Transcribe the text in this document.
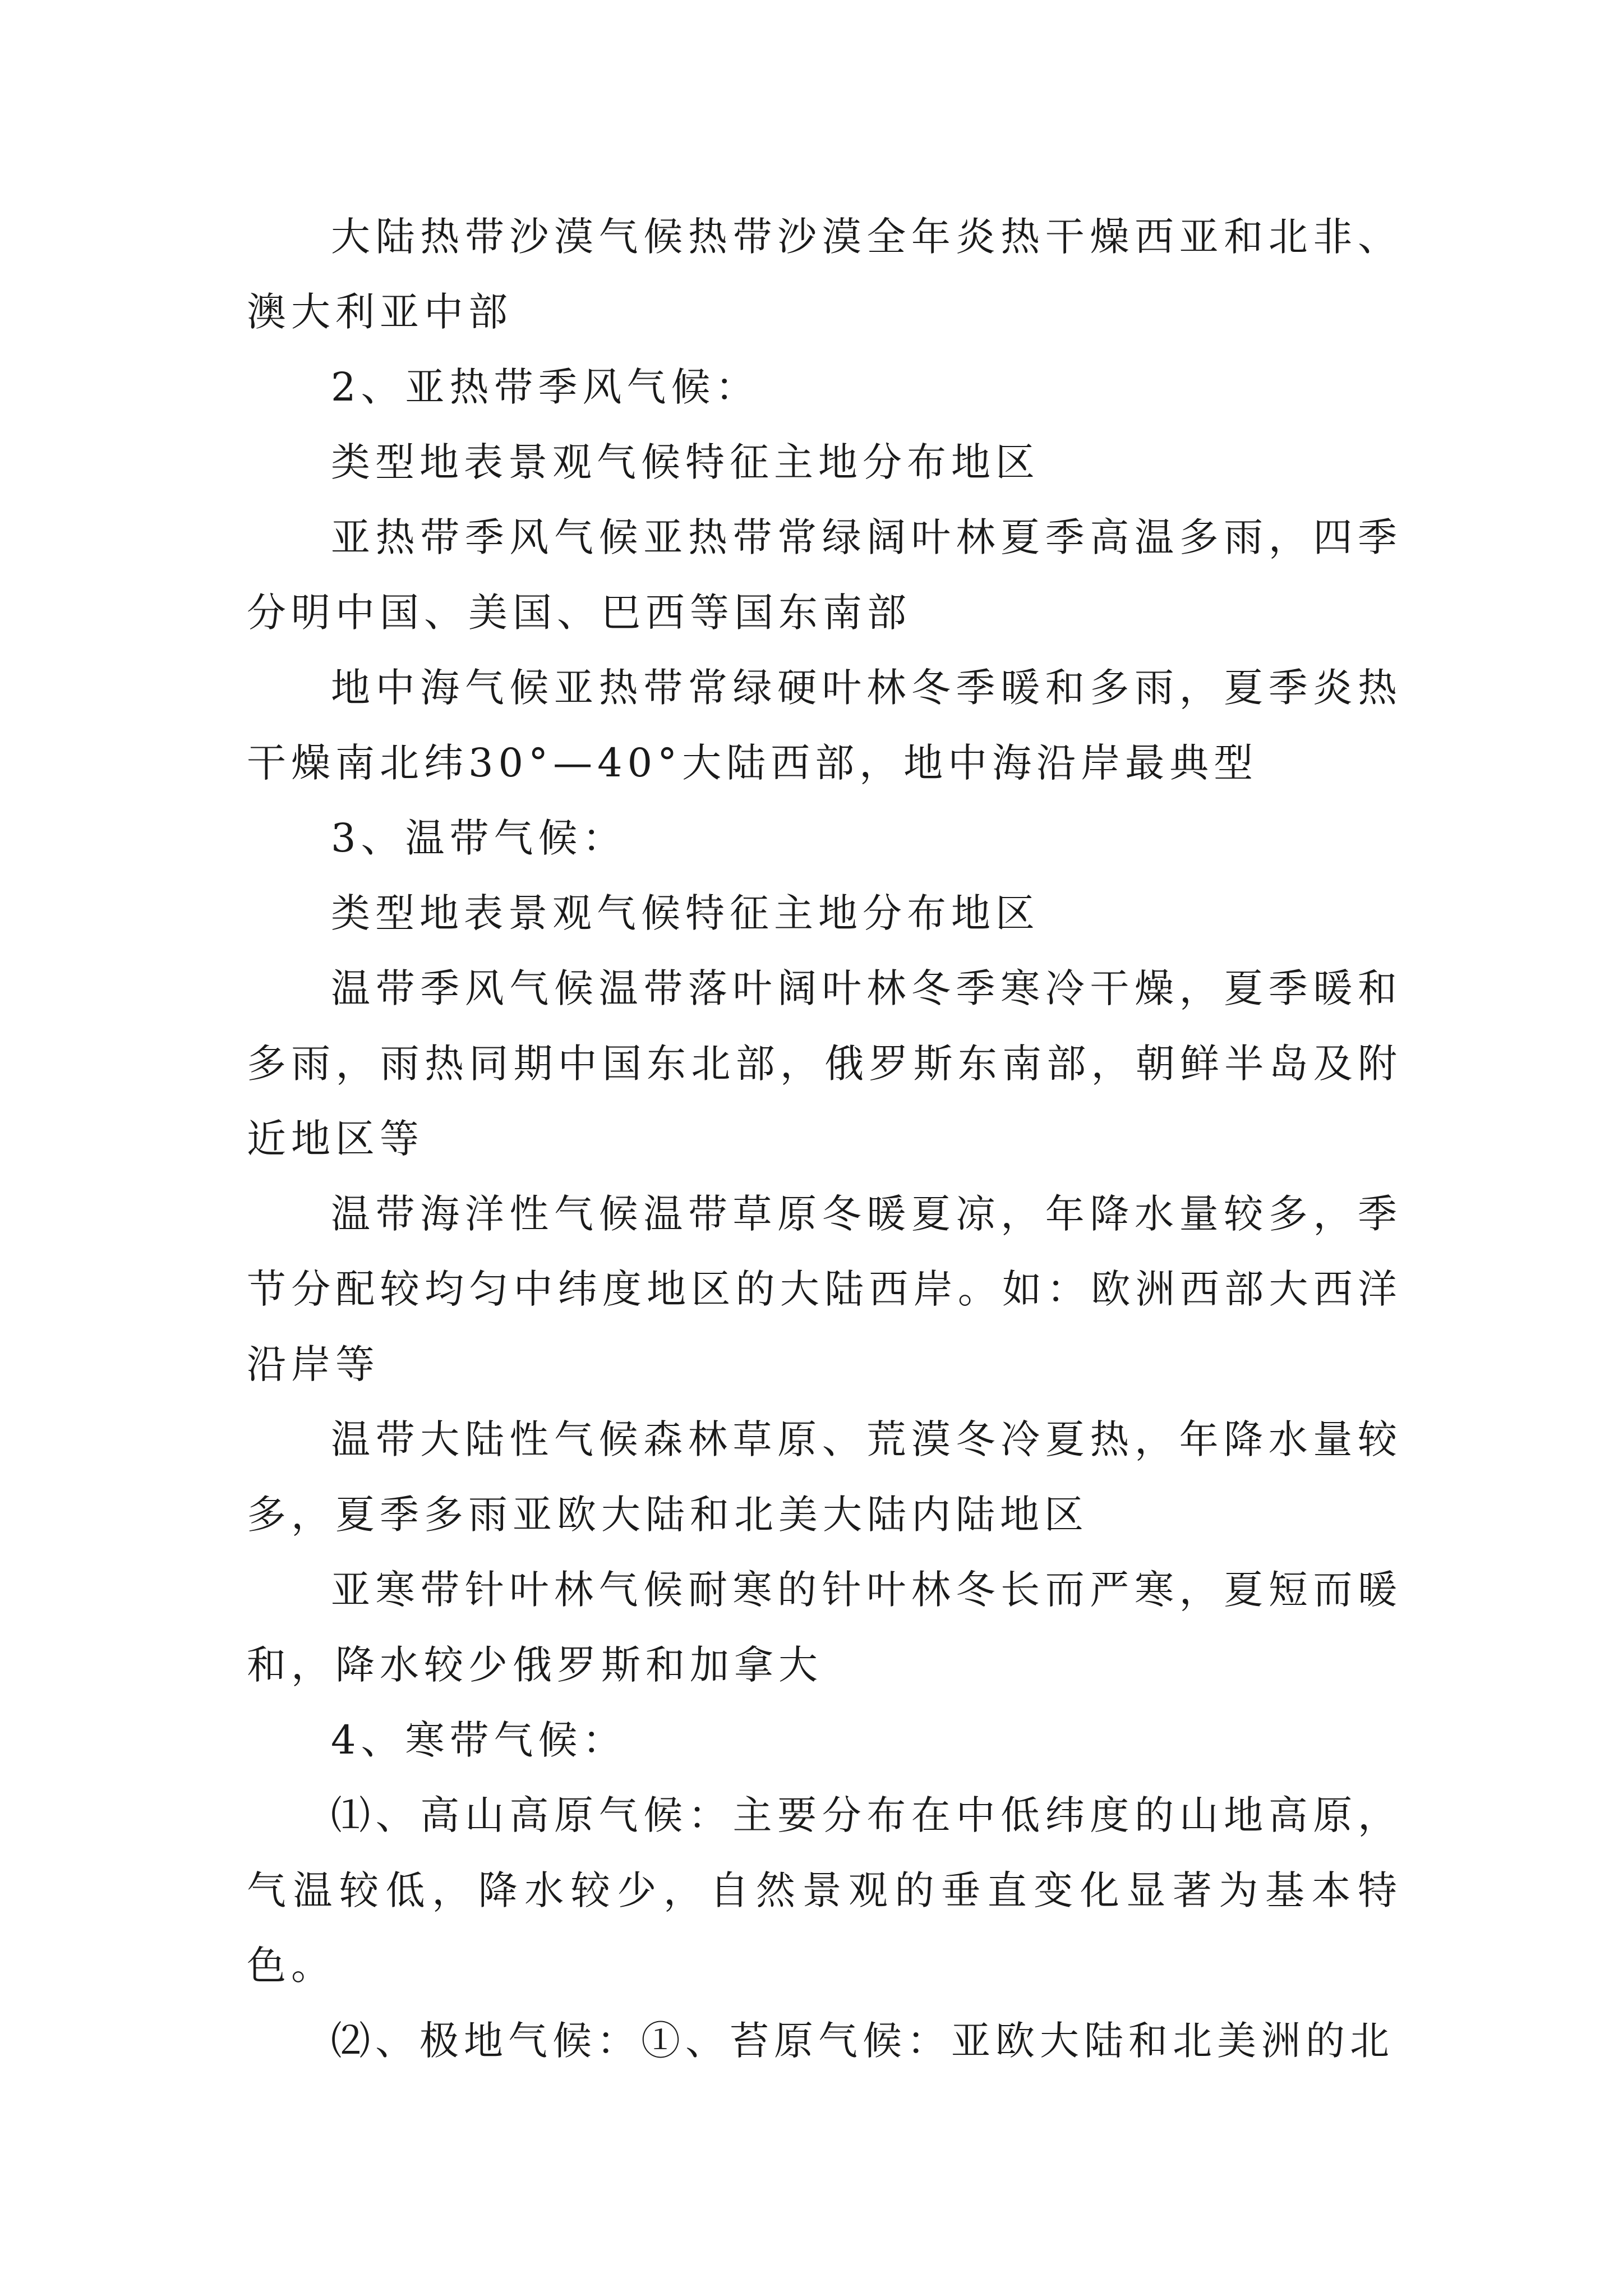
大陆热带沙漠气候热带沙漠全年炎热干燥西亚和北非、澳大利亚中部

2、亚热带季风气候：

类型地表景观气候特征主地分布地区

亚热带季风气候亚热带常绿阔叶林夏季高温多雨，四季分明中国、美国、巴西等国东南部

地中海气候亚热带常绿硬叶林冬季暖和多雨，夏季炎热干燥南北纬30°—40°大陆西部，地中海沿岸最典型

3、温带气候：

类型地表景观气候特征主地分布地区

温带季风气候温带落叶阔叶林冬季寒冷干燥，夏季暖和多雨，雨热同期中国东北部，俄罗斯东南部，朝鲜半岛及附近地区等

温带海洋性气候温带草原冬暖夏凉，年降水量较多，季节分配较均匀中纬度地区的大陆西岸。如：欧洲西部大西洋沿岸等

温带大陆性气候森林草原、荒漠冬冷夏热，年降水量较多，夏季多雨亚欧大陆和北美大陆内陆地区

亚寒带针叶林气候耐寒的针叶林冬长而严寒，夏短而暖和，降水较少俄罗斯和加拿大

4、寒带气候：

⑴、高山高原气候：主要分布在中低纬度的山地高原，气温较低，降水较少，自然景观的垂直变化显著为基本特色。

⑵、极地气候：①、苔原气候：亚欧大陆和北美洲的北
